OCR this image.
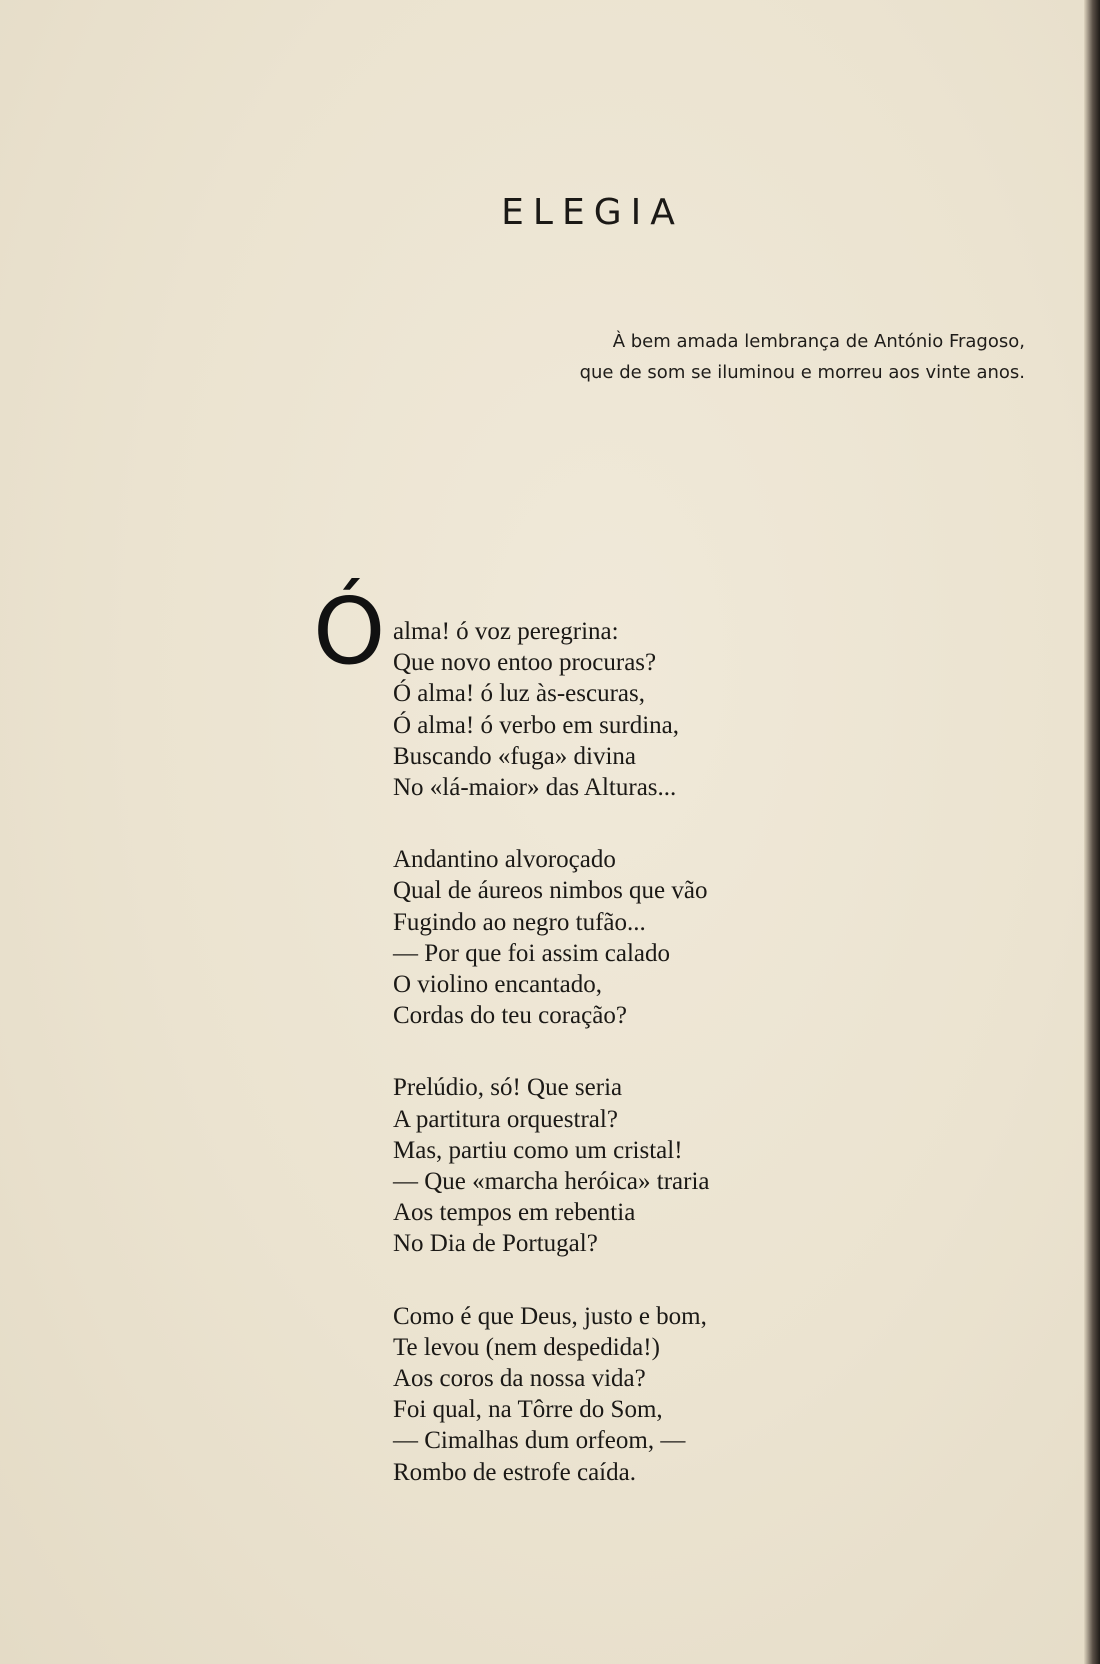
ELEGIA
À bem amada lembrança de António Fragoso,
que de som se iluminou e morreu aos vinte anos.
Ó alma! ó voz peregrina:
Que novo entoo procuras?
Ó alma! ó luz às-escuras,
Ó alma! ó verbo em surdina,
Buscando «fuga» divina
No «lá-maior» das Alturas...
Andantino alvoroçado
Qual de áureos nimbos que vão
Fugindo ao negro tufão...
— Por que foi assim calado
O violino encantado,
Cordas do teu coração?
Prelúdio, só! Que seria
A partitura orquestral?
Mas, partiu como um cristal!
— Que «marcha heróica» traria
Aos tempos em rebentia
No Dia de Portugal?
Como é que Deus, justo e bom,
Te levou (nem despedida!)
Aos coros da nossa vida?
Foi qual, na Tôrre do Som,
— Cimalhas dum orfeom, —
Rombo de estrofe caída.
